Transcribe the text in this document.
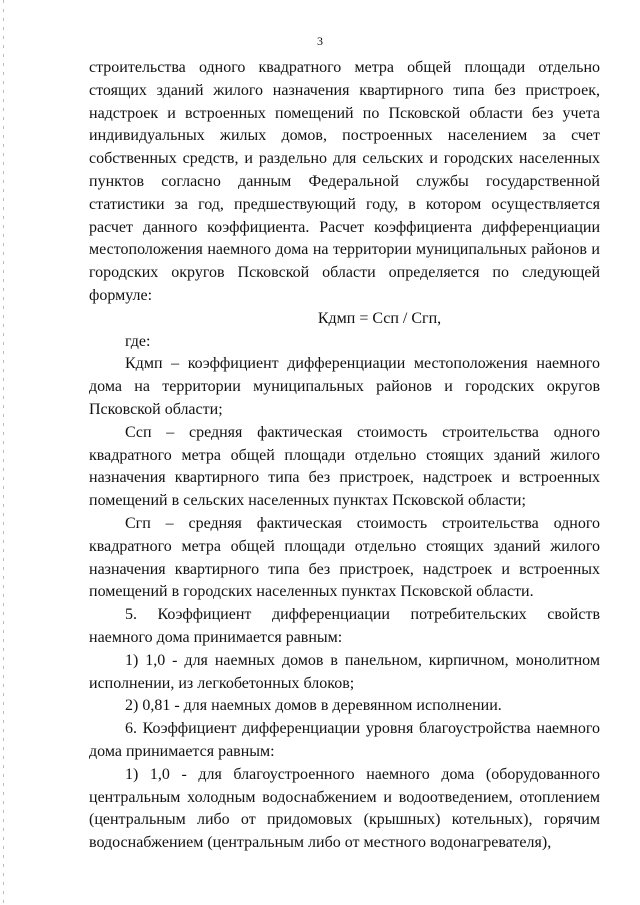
3

строительства одного квадратного метра общей площади отдельно стоящих зданий жилого назначения квартирного типа без пристроек, надстроек и встроенных помещений по Псковской области без учета индивидуальных жилых домов, построенных населением за счет собственных средств, и раздельно для сельских и городских населенных пунктов согласно данным Федеральной службы государственной статистики за год, предшествующий году, в котором осуществляется расчет данного коэффициента. Расчет коэффициента дифференциации местоположения наемного дома на территории муниципальных районов и городских округов Псковской области определяется по следующей формуле:

Кдмп = Ссп / Сгп,

где:

Кдмп – коэффициент дифференциации местоположения наемного дома на территории муниципальных районов и городских округов Псковской области;

Ссп – средняя фактическая стоимость строительства одного квадратного метра общей площади отдельно стоящих зданий жилого назначения квартирного типа без пристроек, надстроек и встроенных помещений в сельских населенных пунктах Псковской области;

Сгп – средняя фактическая стоимость строительства одного квадратного метра общей площади отдельно стоящих зданий жилого назначения квартирного типа без пристроек, надстроек и встроенных помещений в городских населенных пунктах Псковской области.

5. Коэффициент дифференциации потребительских свойств наемного дома принимается равным:

1) 1,0 - для наемных домов в панельном, кирпичном, монолитном исполнении, из легкобетонных блоков;

2) 0,81 - для наемных домов в деревянном исполнении.

6. Коэффициент дифференциации уровня благоустройства наемного дома принимается равным:

1) 1,0 - для благоустроенного наемного дома (оборудованного центральным холодным водоснабжением и водоотведением, отоплением (центральным либо от придомовых (крышных) котельных), горячим водоснабжением (центральным либо от местного водонагревателя),
